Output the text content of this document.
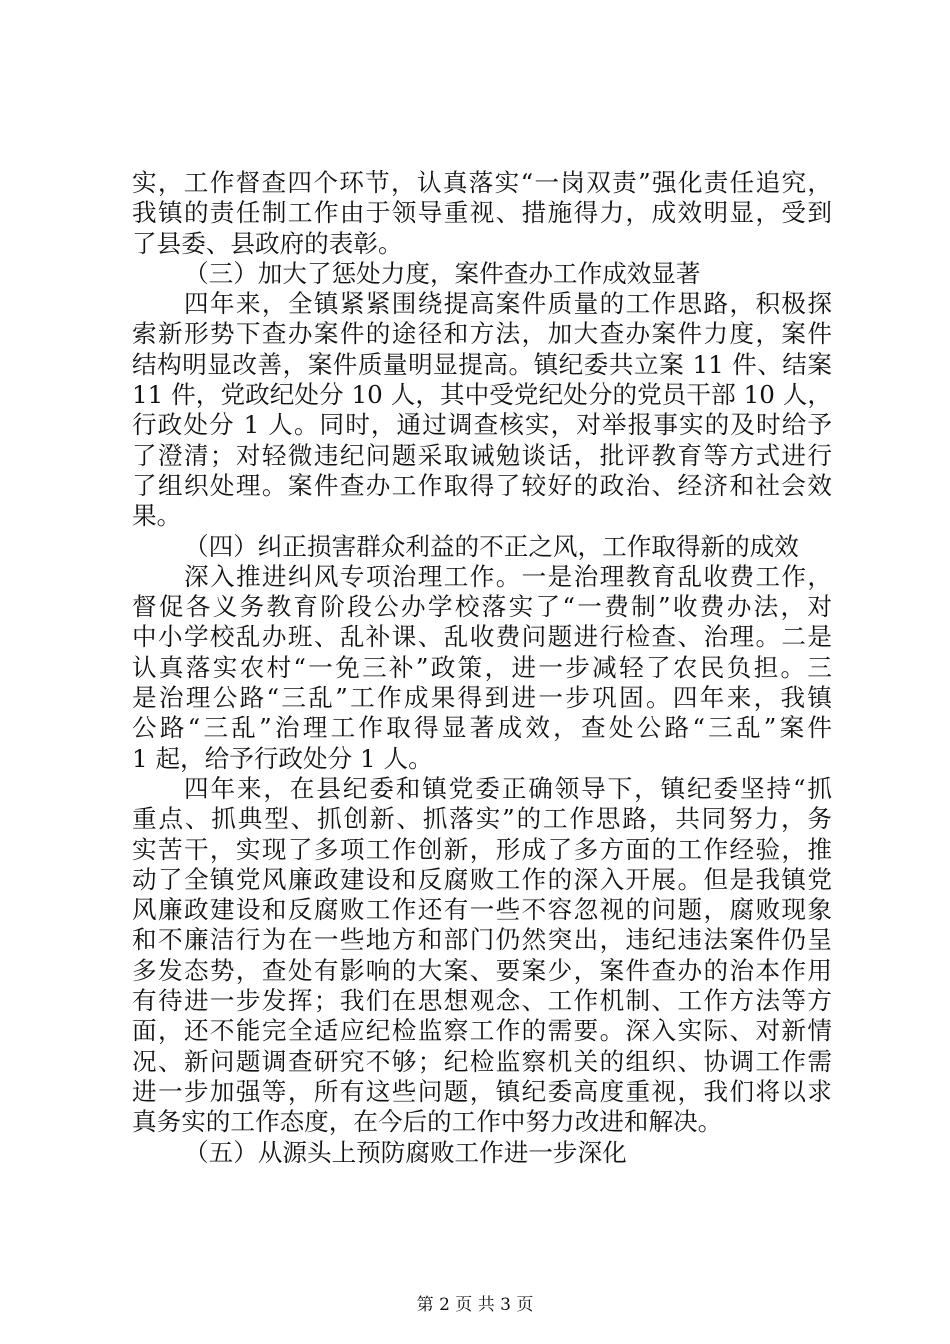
实，工作督查四个环节，认真落实“一岗双责”强化责任追究，
我镇的责任制工作由于领导重视、措施得力，成效明显，受到
了县委、县政府的表彰。
（三）加大了惩处力度，案件查办工作成效显著
四年来，全镇紧紧围绕提高案件质量的工作思路，积极探
索新形势下查办案件的途径和方法，加大查办案件力度，案件
结构明显改善，案件质量明显提高。镇纪委共立案 11 件、结案
11 件，党政纪处分 10 人，其中受党纪处分的党员干部 10 人，
行政处分 1 人。同时，通过调查核实，对举报事实的及时给予
了澄清；对轻微违纪问题采取诫勉谈话，批评教育等方式进行
了组织处理。案件查办工作取得了较好的政治、经济和社会效
果。
（四）纠正损害群众利益的不正之风，工作取得新的成效
深入推进纠风专项治理工作。一是治理教育乱收费工作，
督促各义务教育阶段公办学校落实了“一费制”收费办法，对
中小学校乱办班、乱补课、乱收费问题进行检查、治理。二是
认真落实农村“一免三补”政策，进一步减轻了农民负担。三
是治理公路“三乱”工作成果得到进一步巩固。四年来，我镇
公路“三乱”治理工作取得显著成效，查处公路“三乱”案件
1 起，给予行政处分 1 人。
四年来，在县纪委和镇党委正确领导下，镇纪委坚持“抓
重点、抓典型、抓创新、抓落实”的工作思路，共同努力，务
实苦干，实现了多项工作创新，形成了多方面的工作经验，推
动了全镇党风廉政建设和反腐败工作的深入开展。但是我镇党
风廉政建设和反腐败工作还有一些不容忽视的问题，腐败现象
和不廉洁行为在一些地方和部门仍然突出，违纪违法案件仍呈
多发态势，查处有影响的大案、要案少，案件查办的治本作用
有待进一步发挥；我们在思想观念、工作机制、工作方法等方
面，还不能完全适应纪检监察工作的需要。深入实际、对新情
况、新问题调查研究不够；纪检监察机关的组织、协调工作需
进一步加强等，所有这些问题，镇纪委高度重视，我们将以求
真务实的工作态度，在今后的工作中努力改进和解决。
（五）从源头上预防腐败工作进一步深化
第 2 页 共 3 页
